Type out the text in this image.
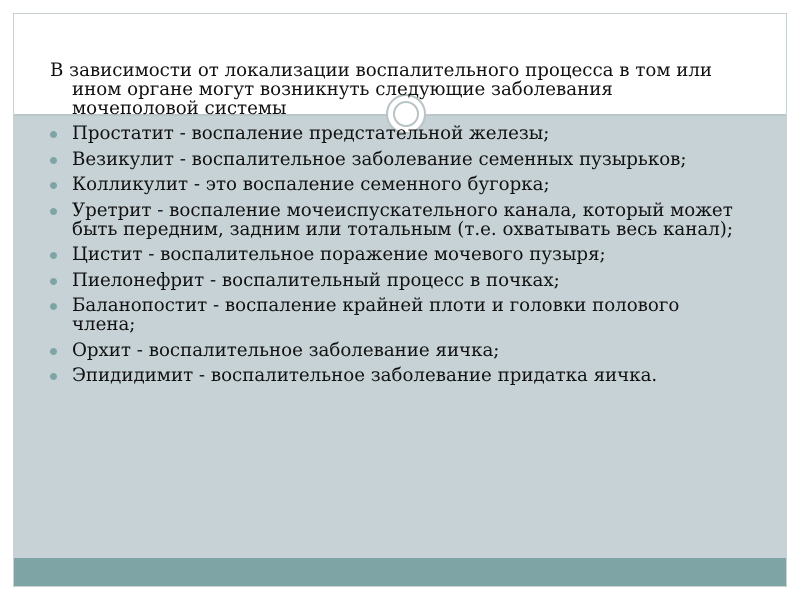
В зависимости от локализации воспалительного процесса в том или ином органе могут возникнуть следующие заболевания мочеполовой системы

Простатит - воспаление предстательной железы;
Везикулит - воспалительное заболевание семенных пузырьков;
Колликулит - это воспаление семенного бугорка;
Уретрит - воспаление мочеиспускательного канала, который может быть передним, задним или тотальным (т.е. охватывать весь канал);
Цистит - воспалительное поражение мочевого пузыря;
Пиелонефрит - воспалительный процесс в почках;
Баланопостит - воспаление крайней плоти и головки полового члена;
Орхит - воспалительное заболевание яичка;
Эпидидимит - воспалительное заболевание придатка яичка.
